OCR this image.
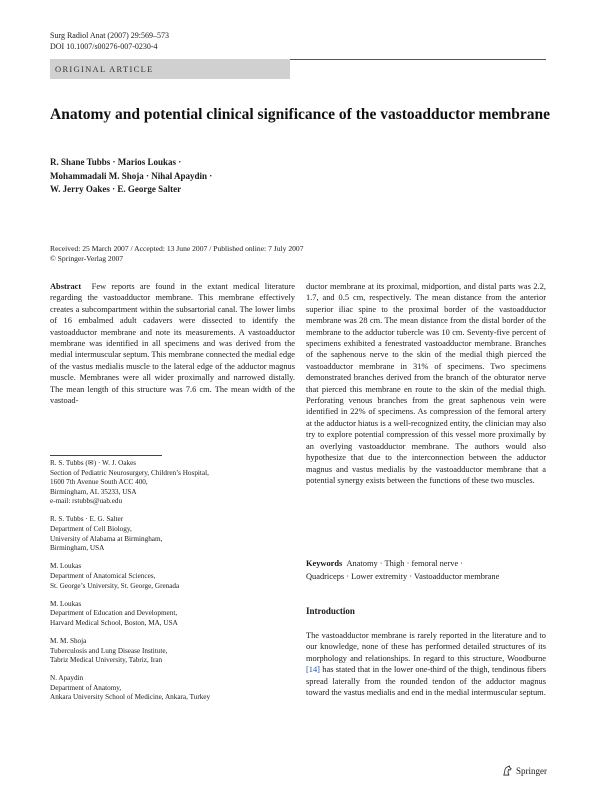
Surg Radiol Anat (2007) 29:569–573
DOI 10.1007/s00276-007-0230-4
ORIGINAL ARTICLE
Anatomy and potential clinical significance of the vastoadductor membrane
R. Shane Tubbs · Marios Loukas ·
Mohammadali M. Shoja · Nihal Apaydin ·
W. Jerry Oakes · E. George Salter
Received: 25 March 2007 / Accepted: 13 June 2007 / Published online: 7 July 2007
© Springer-Verlag 2007
Abstract Few reports are found in the extant medical literature regarding the vastoadductor membrane. This membrane effectively creates a subcompartment within the subsartorial canal. The lower limbs of 16 embalmed adult cadavers were dissected to identify the vastoadductor membrane and note its measurements. A vastoadductor membrane was identified in all specimens and was derived from the medial intermuscular septum. This membrane connected the medial edge of the vastus medialis muscle to the lateral edge of the adductor magnus muscle. Membranes were all wider proximally and narrowed distally. The mean length of this structure was 7.6 cm. The mean width of the vastoad-
R. S. Tubbs (✉) · W. J. Oakes
Section of Pediatric Neurosurgery, Children’s Hospital,
1600 7th Avenue South ACC 400,
Birmingham, AL 35233, USA
e-mail: rstubbs@uab.edu
R. S. Tubbs · E. G. Salter
Department of Cell Biology,
University of Alabama at Birmingham,
Birmingham, USA
M. Loukas
Department of Anatomical Sciences,
St. George’s University, St. George, Grenada
M. Loukas
Department of Education and Development,
Harvard Medical School, Boston, MA, USA
M. M. Shoja
Tuberculosis and Lung Disease Institute,
Tabriz Medical University, Tabriz, Iran
N. Apaydin
Department of Anatomy,
Ankara University School of Medicine, Ankara, Turkey
ductor membrane at its proximal, midportion, and distal parts was 2.2, 1.7, and 0.5 cm, respectively. The mean distance from the anterior superior iliac spine to the proximal border of the vastoadductor membrane was 28 cm. The mean distance from the distal border of the membrane to the adductor tubercle was 10 cm. Seventy-five percent of specimens exhibited a fenestrated vastoadductor membrane. Branches of the saphenous nerve to the skin of the medial thigh pierced the vastoadductor membrane in 31% of specimens. Two specimens demonstrated branches derived from the branch of the obturator nerve that pierced this membrane en route to the skin of the medial thigh. Perforating venous branches from the great saphenous vein were identified in 22% of specimens. As compression of the femoral artery at the adductor hiatus is a well-recognized entity, the clinician may also try to explore potential compression of this vessel more proximally by an overlying vastoadductor membrane. The authors would also hypothesize that due to the interconnection between the adductor magnus and vastus medialis by the vastoadductor membrane that a potential synergy exists between the functions of these two muscles.
Keywords Anatomy · Thigh · femoral nerve ·
Quadriceps · Lower extremity · Vastoadductor membrane
Introduction
The vastoadductor membrane is rarely reported in the literature and to our knowledge, none of these has performed detailed structures of its morphology and relationships. In regard to this structure, Woodburne [14] has stated that in the lower one-third of the thigh, tendinous fibers spread laterally from the rounded tendon of the adductor magnus toward the vastus medialis and end in the medial intermuscular septum.
Springer
